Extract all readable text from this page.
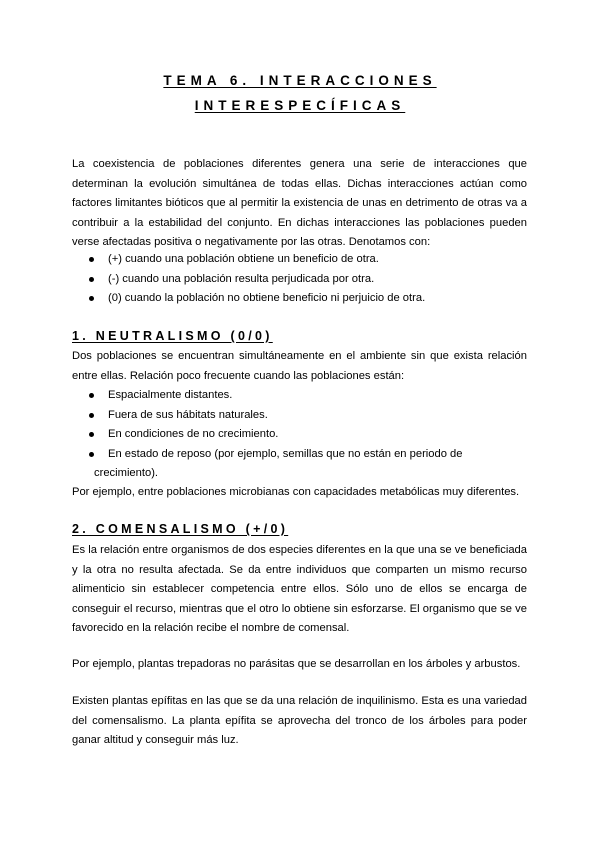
TEMA 6. INTERACCIONES
INTERESPECÍFICAS
La coexistencia de poblaciones diferentes genera una serie de interacciones que
determinan la evolución simultánea de todas ellas. Dichas interacciones actúan como
factores limitantes bióticos que al permitir la existencia de unas en detrimento de otras va a
contribuir a la estabilidad del conjunto. En dichas interacciones las poblaciones pueden
verse afectadas positiva o negativamente por las otras. Denotamos con:
(+) cuando una población obtiene un beneficio de otra.
(-) cuando una población resulta perjudicada por otra.
(0) cuando la población no obtiene beneficio ni perjuicio de otra.
1. NEUTRALISMO (0/0)
Dos poblaciones se encuentran simultáneamente en el ambiente sin que exista relación
entre ellas. Relación poco frecuente cuando las poblaciones están:
Espacialmente distantes.
Fuera de sus hábitats naturales.
En condiciones de no crecimiento.
En estado de reposo (por ejemplo, semillas que no están en periodo de crecimiento).
Por ejemplo, entre poblaciones microbianas con capacidades metabólicas muy diferentes.
2. COMENSALISMO (+/0)
Es la relación entre organismos de dos especies diferentes en la que una se ve beneficiada
y la otra no resulta afectada. Se da entre individuos que comparten un mismo recurso
alimenticio sin establecer competencia entre ellos. Sólo uno de ellos se encarga de
conseguir el recurso, mientras que el otro lo obtiene sin esforzarse. El organismo que se ve
favorecido en la relación recibe el nombre de comensal.
Por ejemplo, plantas trepadoras no parásitas que se desarrollan en los árboles y arbustos.
Existen plantas epífitas en las que se da una relación de inquilinismo. Esta es una variedad
del comensalismo. La planta epífita se aprovecha del tronco de los árboles para poder
ganar altitud y conseguir más luz.
